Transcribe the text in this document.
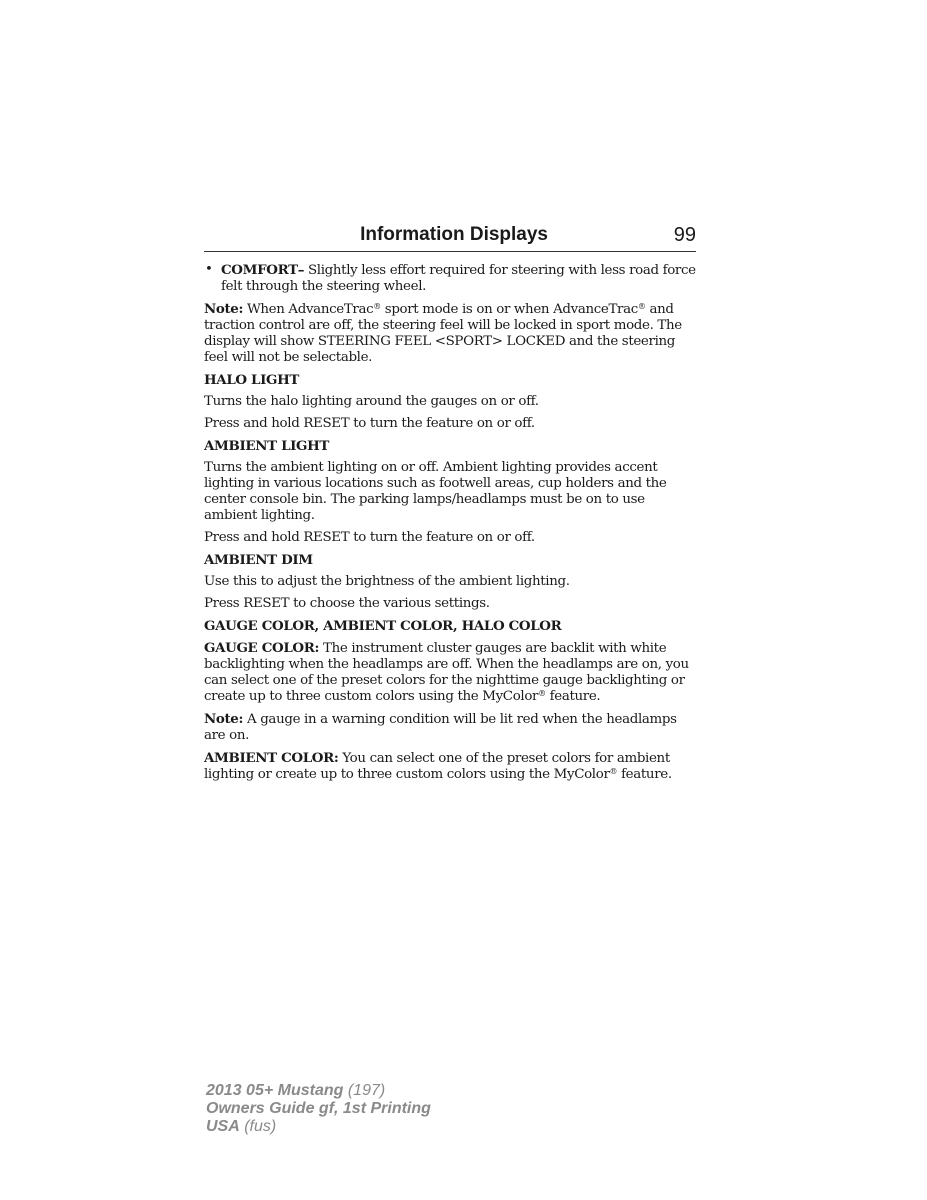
Information Displays	99
• COMFORT– Slightly less effort required for steering with less road force felt through the steering wheel.

Note: When AdvanceTrac® sport mode is on or when AdvanceTrac® and traction control are off, the steering feel will be locked in sport mode. The display will show STEERING FEEL <SPORT> LOCKED and the steering feel will not be selectable.

HALO LIGHT

Turns the halo lighting around the gauges on or off.

Press and hold RESET to turn the feature on or off.

AMBIENT LIGHT

Turns the ambient lighting on or off. Ambient lighting provides accent lighting in various locations such as footwell areas, cup holders and the center console bin. The parking lamps/headlamps must be on to use ambient lighting.

Press and hold RESET to turn the feature on or off.

AMBIENT DIM

Use this to adjust the brightness of the ambient lighting.

Press RESET to choose the various settings.

GAUGE COLOR, AMBIENT COLOR, HALO COLOR

GAUGE COLOR: The instrument cluster gauges are backlit with white backlighting when the headlamps are off. When the headlamps are on, you can select one of the preset colors for the nighttime gauge backlighting or create up to three custom colors using the MyColor® feature.

Note: A gauge in a warning condition will be lit red when the headlamps are on.

AMBIENT COLOR: You can select one of the preset colors for ambient lighting or create up to three custom colors using the MyColor® feature.

2013 05+ Mustang (197)
Owners Guide gf, 1st Printing
USA (fus)
